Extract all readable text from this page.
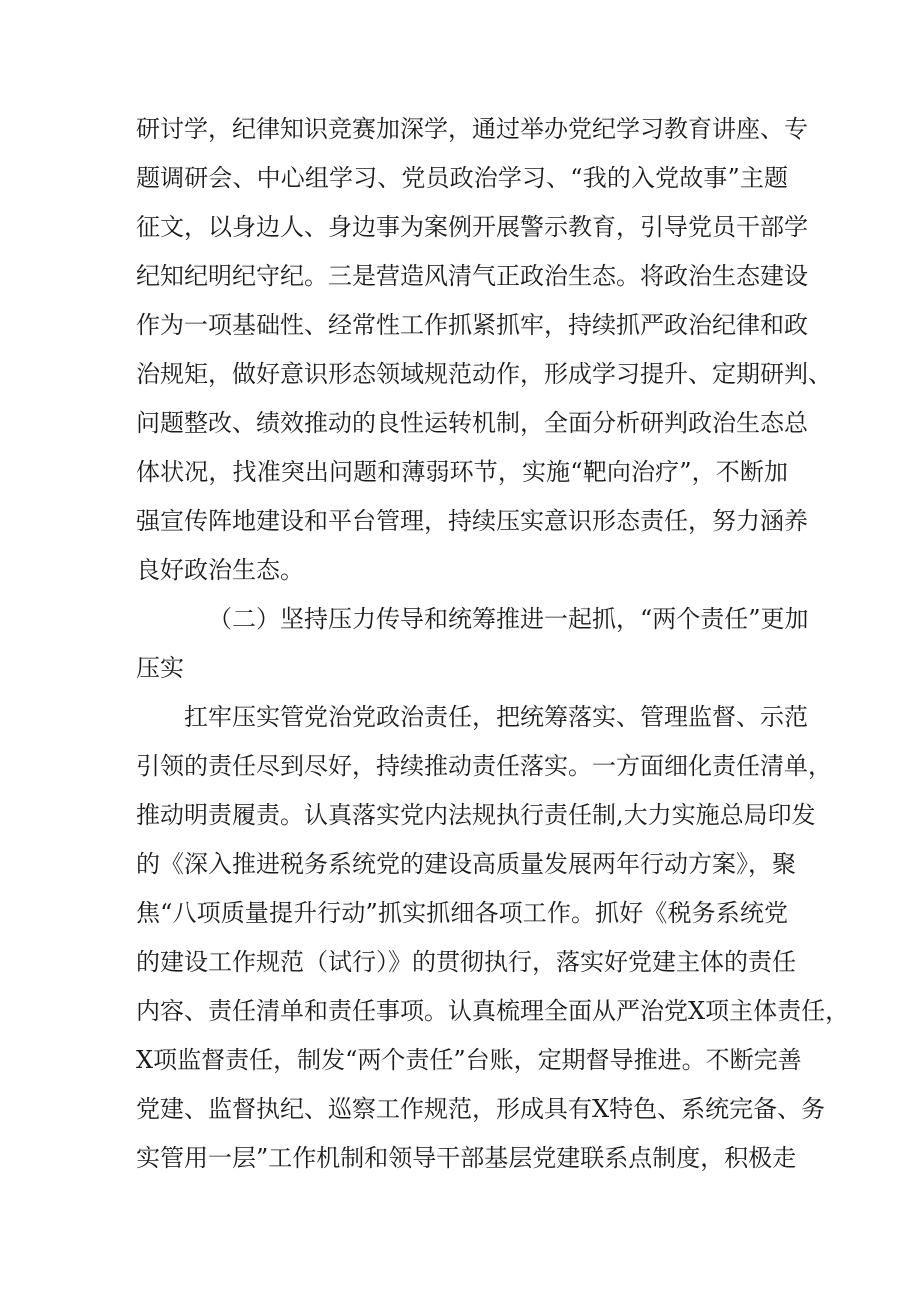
研讨学，纪律知识竞赛加深学，通过举办党纪学习教育讲座、专
题调研会、中心组学习、党员政治学习、“我的入党故事”主题
征文，以身边人、身边事为案例开展警示教育，引导党员干部学
纪知纪明纪守纪。三是营造风清气正政治生态。将政治生态建设
作为一项基础性、经常性工作抓紧抓牢，持续抓严政治纪律和政
治规矩，做好意识形态领域规范动作，形成学习提升、定期研判、
问题整改、绩效推动的良性运转机制，全面分析研判政治生态总
体状况，找准突出问题和薄弱环节，实施“靶向治疗”，不断加
强宣传阵地建设和平台管理，持续压实意识形态责任，努力涵养
良好政治生态。
（二）坚持压力传导和统筹推进一起抓，“两个责任”更加
压实
扛牢压实管党治党政治责任，把统筹落实、管理监督、示范
引领的责任尽到尽好，持续推动责任落实。一方面细化责任清单，
推动明责履责。认真落实党内法规执行责任制,大力实施总局印发
的《深入推进税务系统党的建设高质量发展两年行动方案》，聚
焦“八项质量提升行动”抓实抓细各项工作。抓好《税务系统党
的建设工作规范（试行）》的贯彻执行，落实好党建主体的责任
内容、责任清单和责任事项。认真梳理全面从严治党X项主体责任，
X项监督责任，制发“两个责任”台账，定期督导推进。不断完善
党建、监督执纪、巡察工作规范，形成具有X特色、系统完备、务
实管用一层”工作机制和领导干部基层党建联系点制度，积极走
